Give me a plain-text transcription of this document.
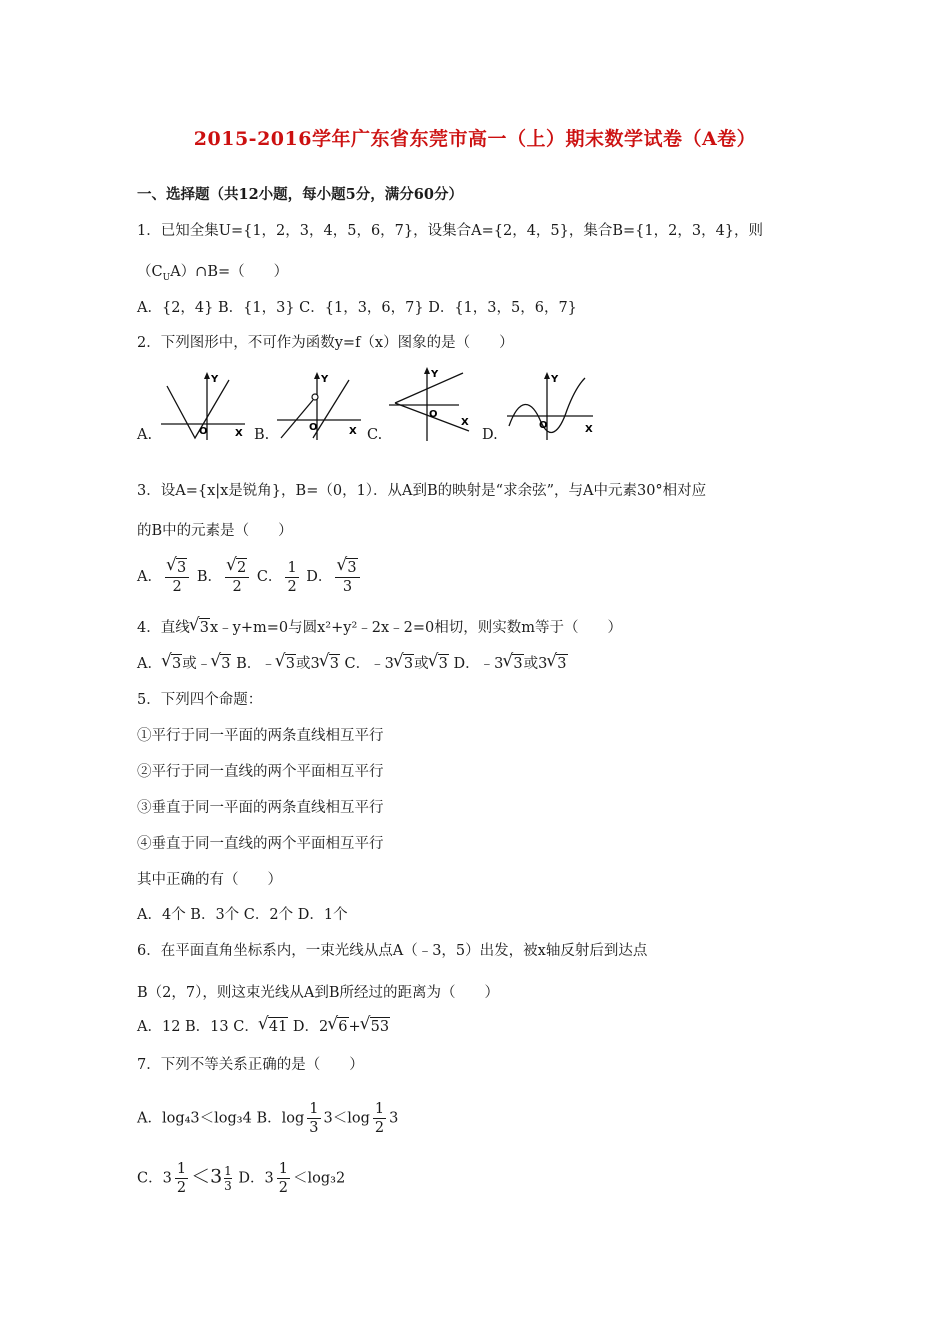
2015-2016学年广东省东莞市高一（上）期末数学试卷（A卷）
一、选择题（共12小题，每小题5分，满分60分）
1．已知全集U={1，2，3，4，5，6，7}，设集合A={2，4，5}，集合B={1，2，3，4}，则
$(C_UA)\cap B=$（　　）
A．{2，4} B．{1，3} C．{1，3，6，7} D．{1，3，5，6，7}
2．下列图形中，不可作为函数y=f（x）图象的是（　　）
A.	B.	C.	D.
Y
X
O
Y
X
O
Y
X
O
Y
X
O
3．设A={x|x是锐角}，B=（0，1）．从A到B的映射是“求余弦”，与A中元素30°相对应
的B中的元素是（　　）
A． √ $\frac{3}{2}$ B． √ $\frac{2}{2}$ C． $\frac{1}{2}$ D． √ $\frac{3}{3}$
4．直线 √ 3x﹣y+m=0与圆x²+y²﹣2x﹣2=0相切，则实数m等于（　　）
A． √ 3或﹣ √ 3 B．﹣ √ 3或3 √ 3 C．﹣3 √ 3或 √ 3 D．﹣3 √ 3或3 √ 3
5．下列四个命题：
①平行于同一平面的两条直线相互平行
②平行于同一直线的两个平面相互平行
③垂直于同一平面的两条直线相互平行
④垂直于同一直线的两个平面相互平行
其中正确的有（　　）
A．4个 B．3个 C．2个 D．1个
6．在平面直角坐标系内，一束光线从点A（﹣3，5）出发，被x轴反射后到达点
B（2，7），则这束光线从A到B所经过的距离为（　　）
A．12 B．13 C． √ 41 D．2 √ 6+ √ 53
7．下列不等关系正确的是（　　）
A．log₄3＜log₃4 B．$\log \frac{1}{3} 3<\log \frac{1}{2} 3$
C．$3 \frac{1}{2} <3 \frac{1}{3}$ D．$3 \frac{1}{2} <\log_32$
